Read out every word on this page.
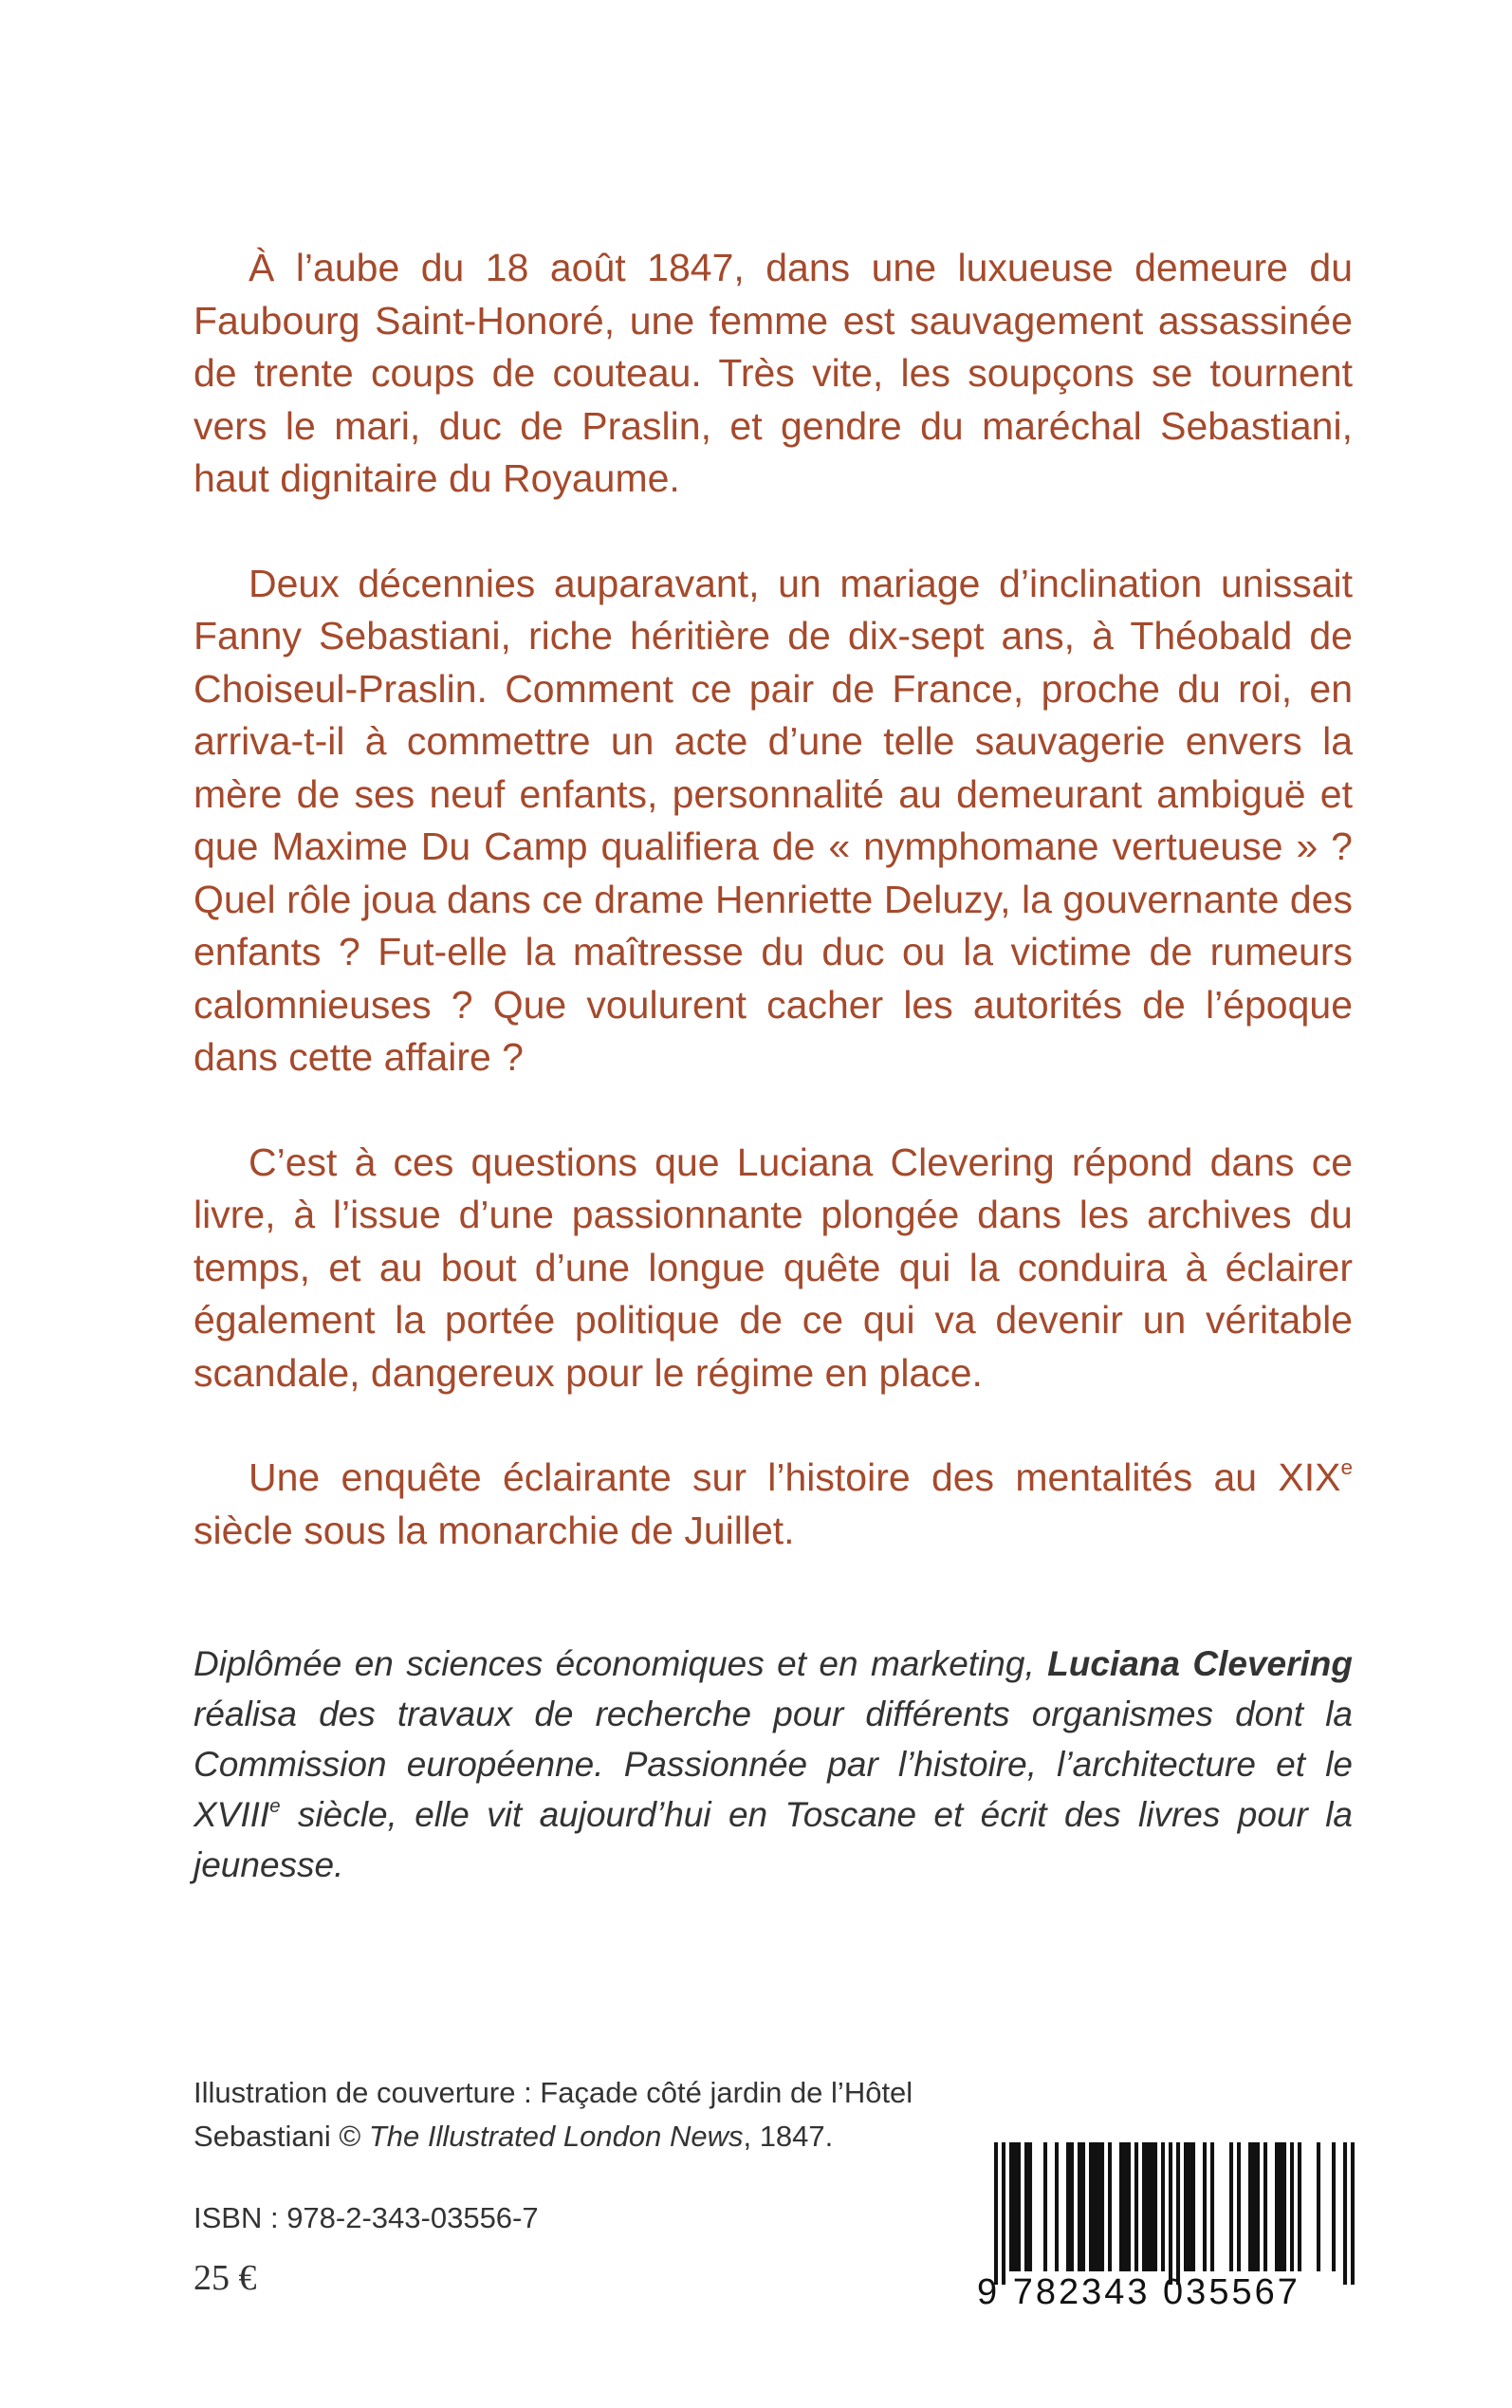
À l’aube du 18 août 1847, dans une luxueuse demeure du Faubourg Saint-Honoré, une femme est sauvagement assassinée de trente coups de couteau. Très vite, les soupçons se tournent vers le mari, duc de Praslin, et gendre du maréchal Sebastiani, haut dignitaire du Royaume.

Deux décennies auparavant, un mariage d’inclination unissait Fanny Sebastiani, riche héritière de dix-sept ans, à Théobald de Choiseul-Praslin. Comment ce pair de France, proche du roi, en arriva-t-il à commettre un acte d’une telle sauvagerie envers la mère de ses neuf enfants, personnalité au demeurant ambiguë et que Maxime Du Camp qualifiera de « nymphomane vertueuse » ? Quel rôle joua dans ce drame Henriette Deluzy, la gouvernante des enfants ? Fut-elle la maîtresse du duc ou la victime de rumeurs calomnieuses ? Que voulurent cacher les autorités de l’époque dans cette affaire ?

C’est à ces questions que Luciana Clevering répond dans ce livre, à l’issue d’une passionnante plongée dans les archives du temps, et au bout d’une longue quête qui la conduira à éclairer également la portée politique de ce qui va devenir un véritable scandale, dangereux pour le régime en place.

Une enquête éclairante sur l’histoire des mentalités au XIXe siècle sous la monarchie de Juillet.

Diplômée en sciences économiques et en marketing, Luciana Clevering réalisa des travaux de recherche pour différents organismes dont la Commission européenne. Passionnée par l’histoire, l’architecture et le XVIIIe siècle, elle vit aujourd’hui en Toscane et écrit des livres pour la jeunesse.

Illustration de couverture : Façade côté jardin de l’Hôtel
Sebastiani © The Illustrated London News, 1847.
ISBN : 978-2-343-03556-7
25 €	9 782343 035567
